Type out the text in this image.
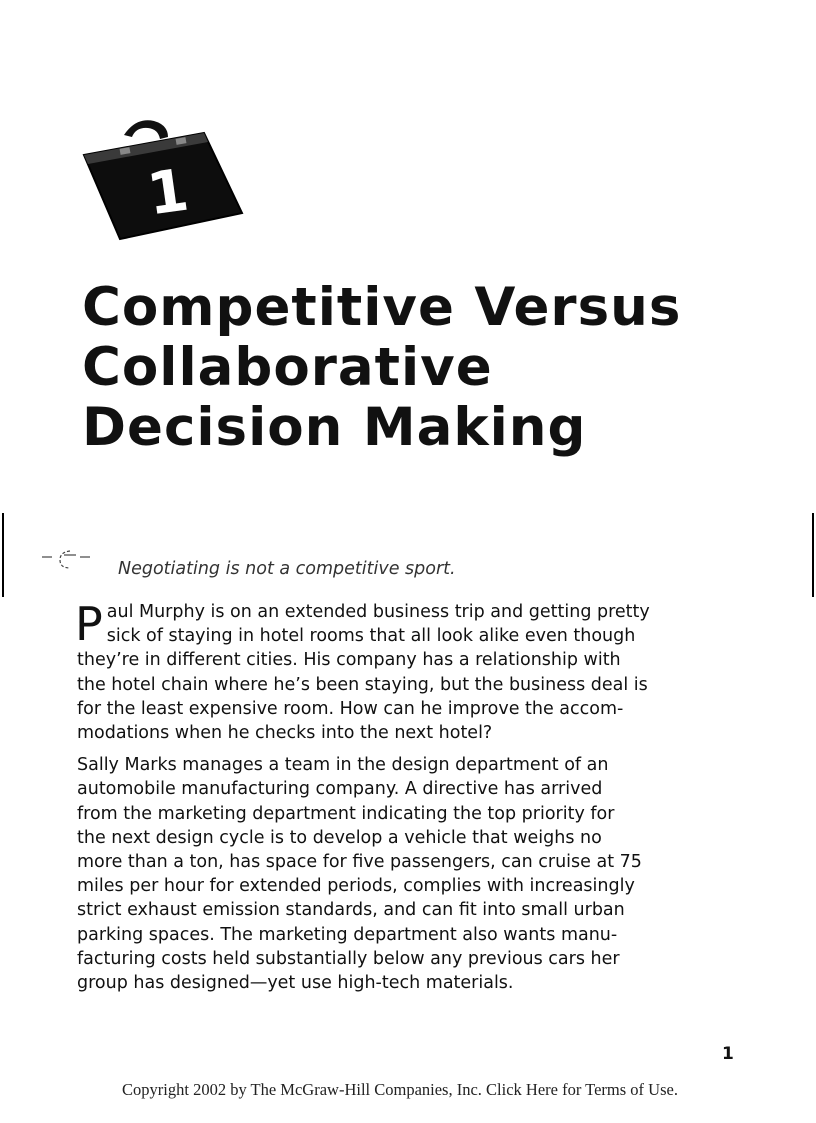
1
Competitive Versus
Collaborative
Decision Making
Negotiating is not a competitive sport.

P aul Murphy is on an extended business trip and getting pretty
sick of staying in hotel rooms that all look alike even though
they’re in different cities. His company has a relationship with
the hotel chain where he’s been staying, but the business deal is
for the least expensive room. How can he improve the accom-
modations when he checks into the next hotel?

Sally Marks manages a team in the design department of an
automobile manufacturing company. A directive has arrived
from the marketing department indicating the top priority for
the next design cycle is to develop a vehicle that weighs no
more than a ton, has space for five passengers, can cruise at 75
miles per hour for extended periods, complies with increasingly
strict exhaust emission standards, and can fit into small urban
parking spaces. The marketing department also wants manu-
facturing costs held substantially below any previous cars her
group has designed—yet use high-tech materials.

1
Copyright 2002 by The McGraw-Hill Companies, Inc. Click Here for Terms of Use.
